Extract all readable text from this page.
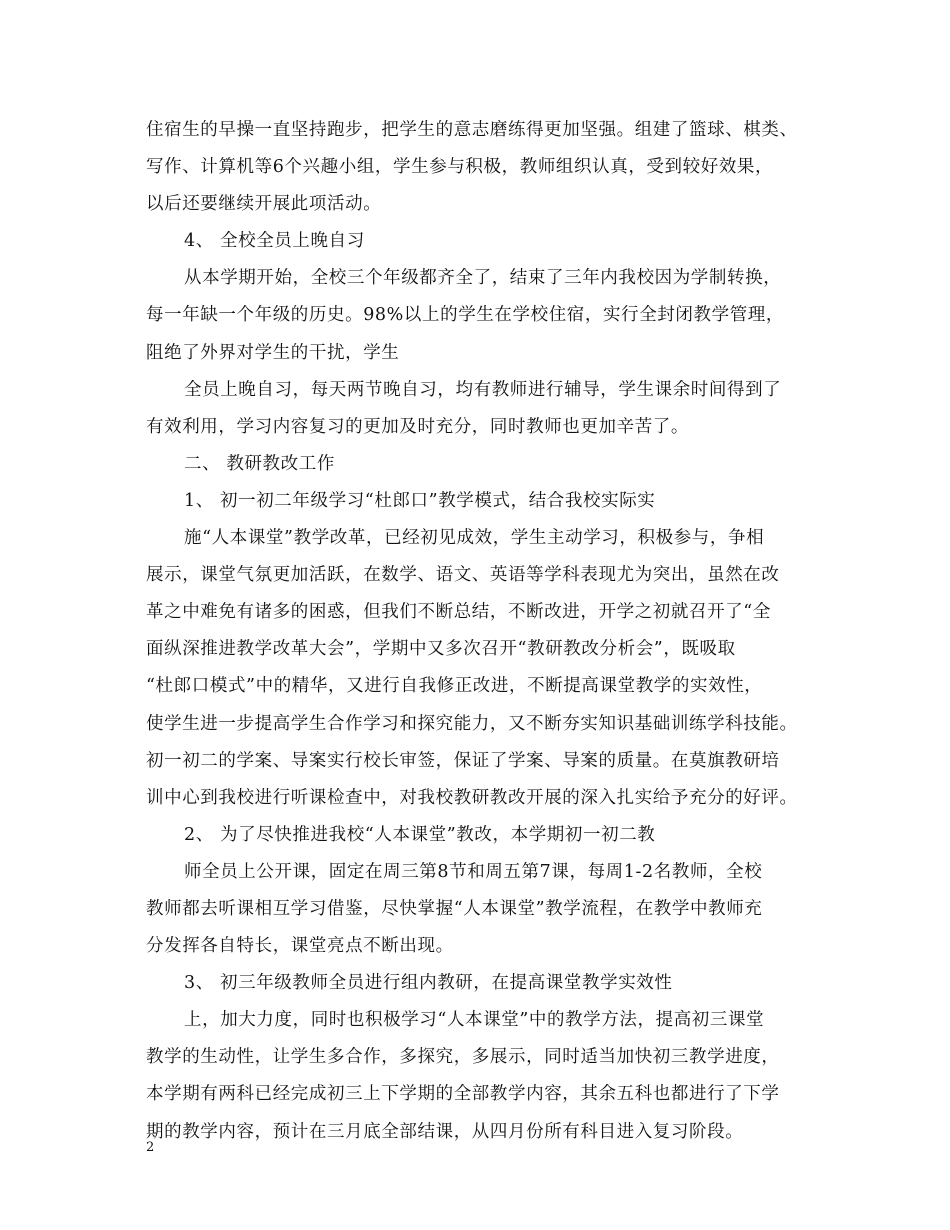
住宿生的早操一直坚持跑步，把学生的意志磨练得更加坚强。组建了篮球、棋类、
写作、计算机等6个兴趣小组，学生参与积极，教师组织认真，受到较好效果，
以后还要继续开展此项活动。
4、 全校全员上晚自习
从本学期开始，全校三个年级都齐全了，结束了三年内我校因为学制转换，
每一年缺一个年级的历史。98%以上的学生在学校住宿，实行全封闭教学管理，
阻绝了外界对学生的干扰，学生
全员上晚自习，每天两节晚自习，均有教师进行辅导，学生课余时间得到了
有效利用，学习内容复习的更加及时充分，同时教师也更加辛苦了。
二、 教研教改工作
1、 初一初二年级学习“杜郎口”教学模式，结合我校实际实
施“人本课堂”教学改革，已经初见成效，学生主动学习，积极参与，争相
展示，课堂气氛更加活跃，在数学、语文、英语等学科表现尤为突出，虽然在改
革之中难免有诸多的困惑，但我们不断总结，不断改进，开学之初就召开了“全
面纵深推进教学改革大会”，学期中又多次召开“教研教改分析会”，既吸取
“杜郎口模式”中的精华，又进行自我修正改进，不断提高课堂教学的实效性，
使学生进一步提高学生合作学习和探究能力，又不断夯实知识基础训练学科技能。
初一初二的学案、导案实行校长审签，保证了学案、导案的质量。在莫旗教研培
训中心到我校进行听课检查中，对我校教研教改开展的深入扎实给予充分的好评。
2、 为了尽快推进我校“人本课堂”教改，本学期初一初二教
师全员上公开课，固定在周三第8节和周五第7课，每周1-2名教师，全校
教师都去听课相互学习借鉴，尽快掌握“人本课堂”教学流程，在教学中教师充
分发挥各自特长，课堂亮点不断出现。
3、 初三年级教师全员进行组内教研，在提高课堂教学实效性
上，加大力度，同时也积极学习“人本课堂”中的教学方法，提高初三课堂
教学的生动性，让学生多合作，多探究，多展示，同时适当加快初三教学进度，
本学期有两科已经完成初三上下学期的全部教学内容，其余五科也都进行了下学
期的教学内容，预计在三月底全部结课，从四月份所有科目进入复习阶段。
2
